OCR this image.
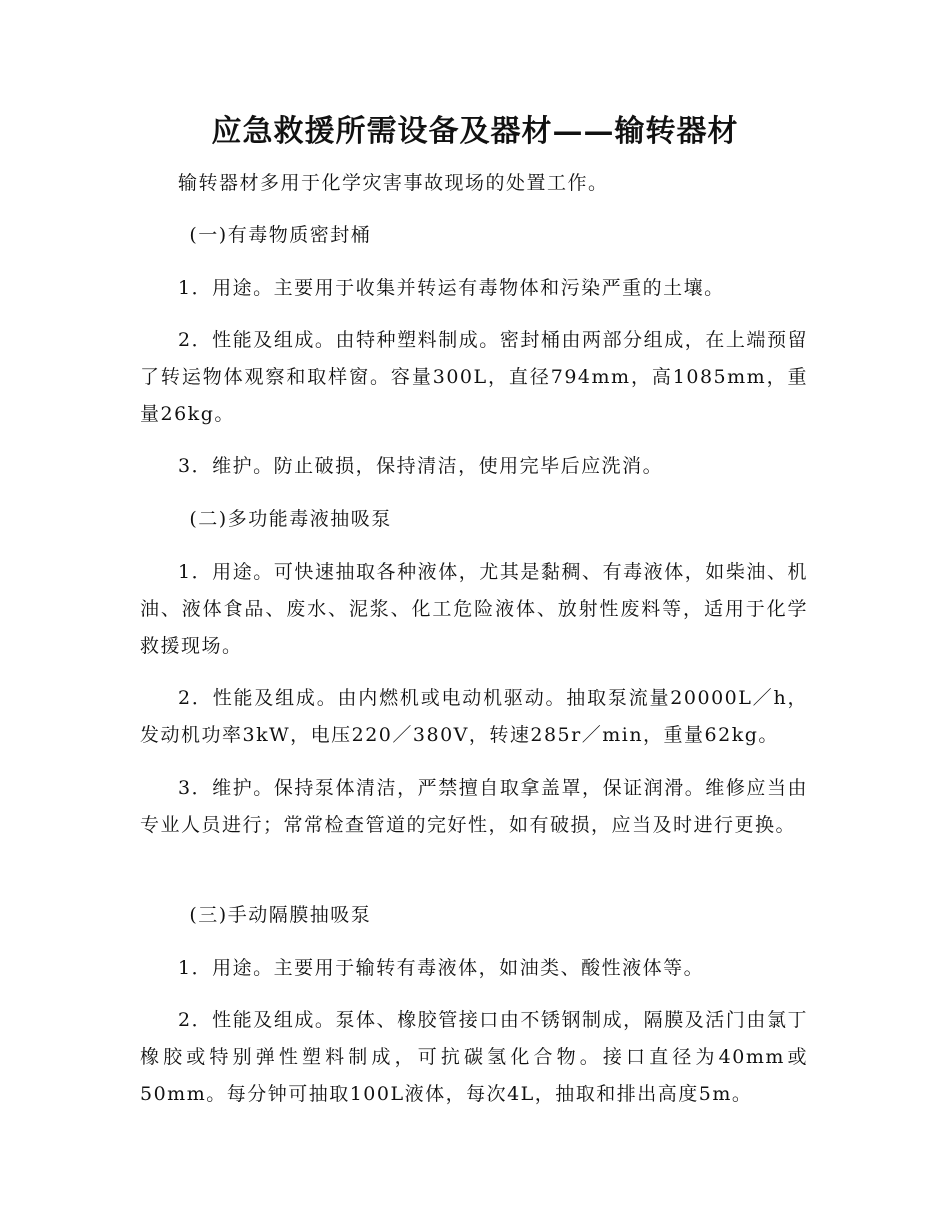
应急救援所需设备及器材——输转器材
输转器材多用于化学灾害事故现场的处置工作。
(一)有毒物质密封桶
1．用途。主要用于收集并转运有毒物体和污染严重的土壤。
2．性能及组成。由特种塑料制成。密封桶由两部分组成，在上端预留了转运物体观察和取样窗。容量300L，直径794mm，高1085mm，重量26kg。
3．维护。防止破损，保持清洁，使用完毕后应洗消。
(二)多功能毒液抽吸泵
1．用途。可快速抽取各种液体，尤其是黏稠、有毒液体，如柴油、机油、液体食品、废水、泥浆、化工危险液体、放射性废料等，适用于化学救援现场。
2．性能及组成。由内燃机或电动机驱动。抽取泵流量20000L／h，发动机功率3kW，电压220／380V，转速285r／min，重量62kg。
3．维护。保持泵体清洁，严禁擅自取拿盖罩，保证润滑。维修应当由专业人员进行；常常检查管道的完好性，如有破损，应当及时进行更换。
(三)手动隔膜抽吸泵
1．用途。主要用于输转有毒液体，如油类、酸性液体等。
2．性能及组成。泵体、橡胶管接口由不锈钢制成，隔膜及活门由氯丁橡胶或特别弹性塑料制成，可抗碳氢化合物。接口直径为40mm或50mm。每分钟可抽取100L液体，每次4L，抽取和排出高度5m。
